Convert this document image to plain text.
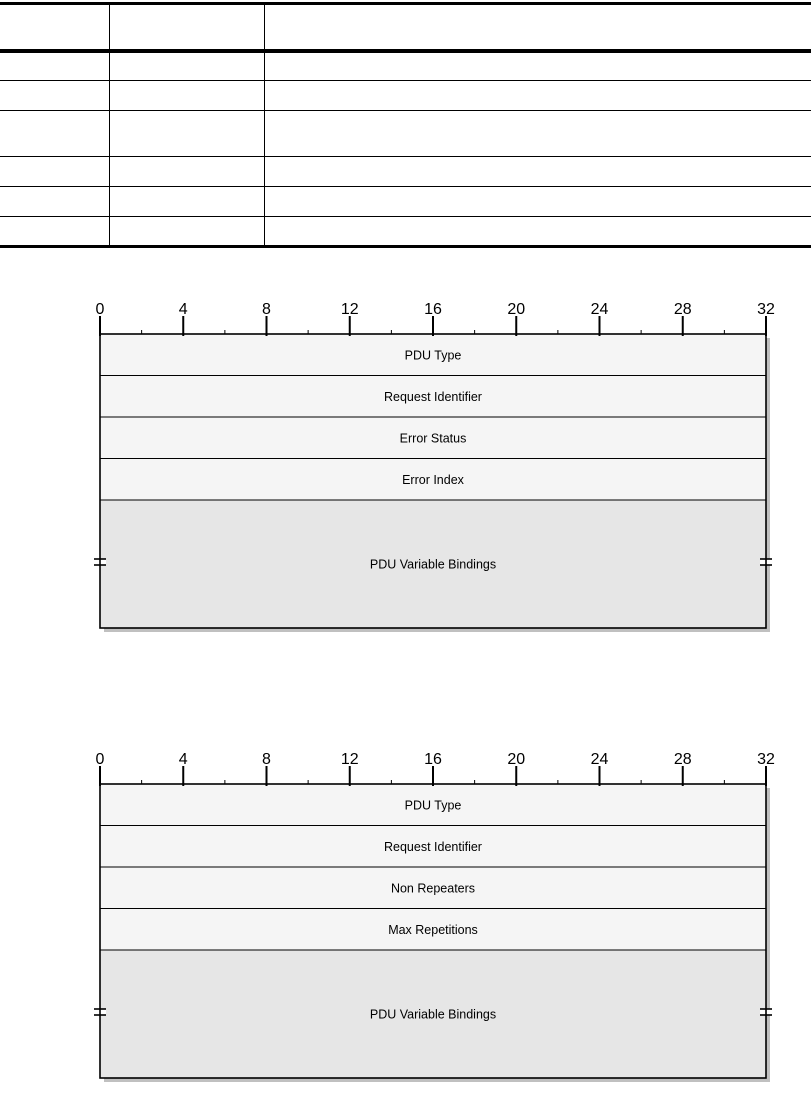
PDU Type
Request Identifier
Error Status
Error Index
PDU Variable Bindings
0	4	8	12	16	20	24	28	32
PDU Type
Request Identifier
Non Repeaters
Max Repetitions
PDU Variable Bindings
0	4	8	12	16	20	24	28	32
